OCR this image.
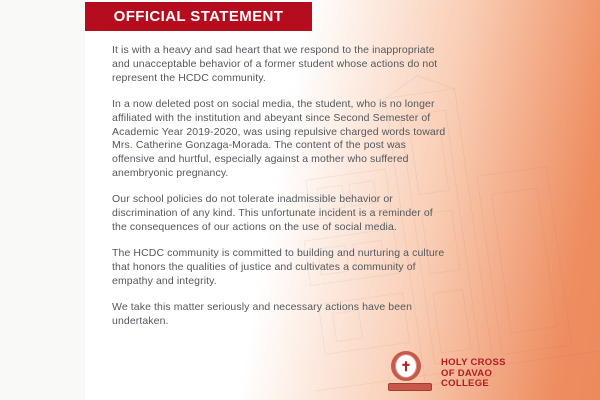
OFFICIAL STATEMENT

It is with a heavy and sad heart that we respond to the inappropriate and unacceptable behavior of a former student whose actions do not represent the HCDC community.

In a now deleted post on social media, the student, who is no longer affiliated with the institution and abeyant since Second Semester of Academic Year 2019-2020, was using repulsive charged words toward Mrs. Catherine Gonzaga-Morada. The content of the post was offensive and hurtful, especially against a mother who suffered anembryonic pregnancy.

Our school policies do not tolerate inadmissible behavior or discrimination of any kind. This unfortunate incident is a reminder of the consequences of our actions on the use of social media.

The HCDC community is committed to building and nurturing a culture that honors the qualities of justice and cultivates a community of empathy and integrity.

We take this matter seriously and necessary actions have been undertaken.

✝	HOLY CROSS
OF DAVAO
COLLEGE
